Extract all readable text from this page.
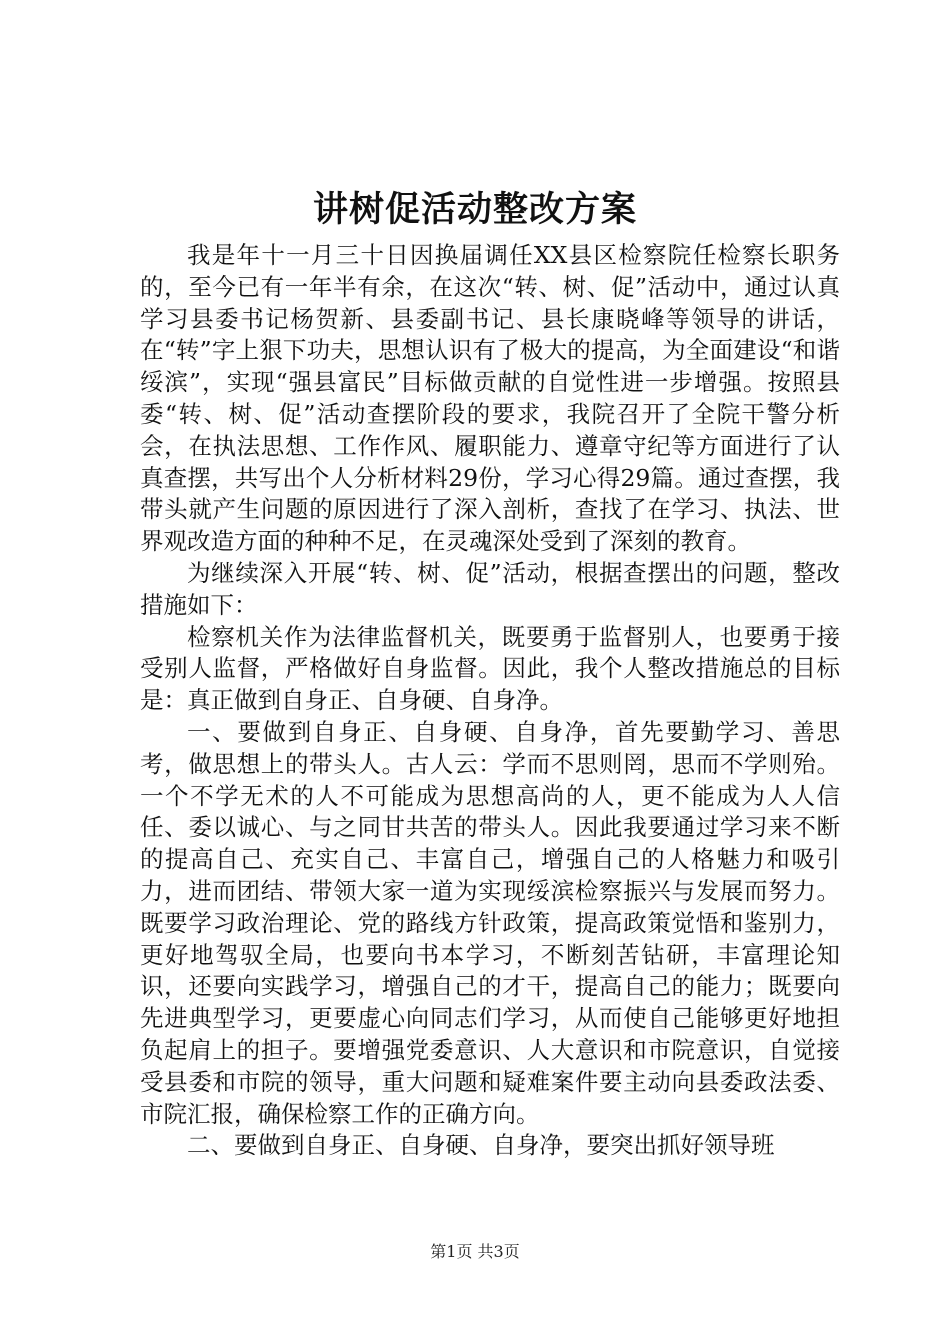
讲树促活动整改方案

我是年十一月三十日因换届调任XX县区检察院任检察长职务的，至今已有一年半有余，在这次“转、树、促”活动中，通过认真学习县委书记杨贺新、县委副书记、县长康晓峰等领导的讲话，在“转”字上狠下功夫，思想认识有了极大的提高，为全面建设“和谐绥滨”，实现“强县富民”目标做贡献的自觉性进一步增强。按照县委“转、树、促”活动查摆阶段的要求，我院召开了全院干警分析会，在执法思想、工作作风、履职能力、遵章守纪等方面进行了认真查摆，共写出个人分析材料29份，学习心得29篇。通过查摆，我带头就产生问题的原因进行了深入剖析，查找了在学习、执法、世界观改造方面的种种不足，在灵魂深处受到了深刻的教育。

为继续深入开展“转、树、促”活动，根据查摆出的问题，整改措施如下：

检察机关作为法律监督机关，既要勇于监督别人，也要勇于接受别人监督，严格做好自身监督。因此，我个人整改措施总的目标是：真正做到自身正、自身硬、自身净。

一、要做到自身正、自身硬、自身净，首先要勤学习、善思考，做思想上的带头人。古人云：学而不思则罔，思而不学则殆。一个不学无术的人不可能成为思想高尚的人，更不能成为人人信任、委以诚心、与之同甘共苦的带头人。因此我要通过学习来不断的提高自己、充实自己、丰富自己，增强自己的人格魅力和吸引力，进而团结、带领大家一道为实现绥滨检察振兴与发展而努力。既要学习政治理论、党的路线方针政策，提高政策觉悟和鉴别力，更好地驾驭全局，也要向书本学习，不断刻苦钻研，丰富理论知识，还要向实践学习，增强自己的才干，提高自己的能力；既要向先进典型学习，更要虚心向同志们学习，从而使自己能够更好地担负起肩上的担子。要增强党委意识、人大意识和市院意识，自觉接受县委和市院的领导，重大问题和疑难案件要主动向县委政法委、市院汇报，确保检察工作的正确方向。

二、要做到自身正、自身硬、自身净，要突出抓好领导班

第1页 共3页
